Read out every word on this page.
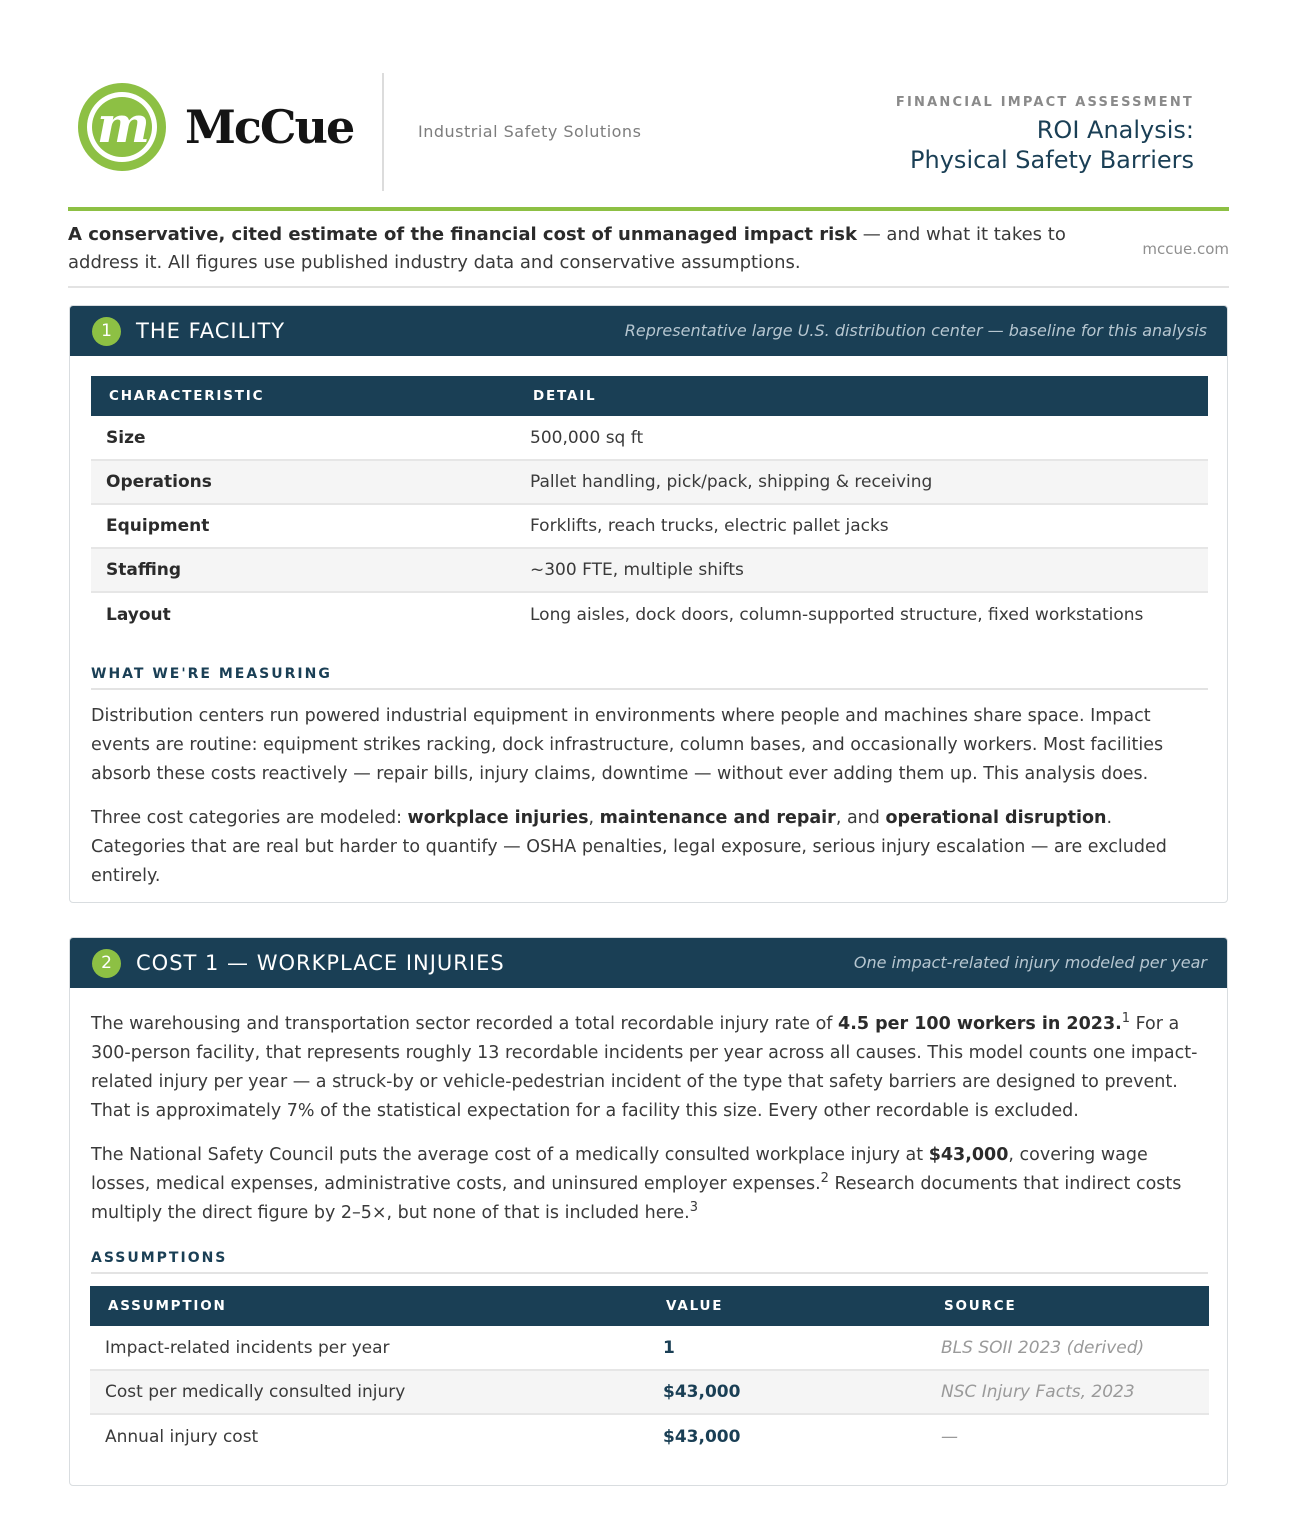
m McCue	Industrial Safety Solutions
FINANCIAL IMPACT ASSESSMENT
ROI Analysis:
Physical Safety Barriers

A conservative, cited estimate of the financial cost of unmanaged impact risk — and what it takes to address it. All figures use published industry data and conservative assumptions.

mccue.com
1	THE FACILITY	Representative large U.S. distribution center — baseline for this analysis
CHARACTERISTIC	DETAIL
Size	500,000 sq ft
Operations	Pallet handling, pick/pack, shipping & receiving
Equipment	Forklifts, reach trucks, electric pallet jacks
Staffing	~300 FTE, multiple shifts
Layout	Long aisles, dock doors, column-supported structure, fixed workstations
WHAT WE'RE MEASURING

Distribution centers run powered industrial equipment in environments where people and machines share space. Impact events are routine: equipment strikes racking, dock infrastructure, column bases, and occasionally workers. Most facilities absorb these costs reactively — repair bills, injury claims, downtime — without ever adding them up. This analysis does.

Three cost categories are modeled: workplace injuries, maintenance and repair, and operational disruption. Categories that are real but harder to quantify — OSHA penalties, legal exposure, serious injury escalation — are excluded entirely.

2	COST 1 — WORKPLACE INJURIES	One impact-related injury modeled per year

The warehousing and transportation sector recorded a total recordable injury rate of 4.5 per 100 workers in 2023.$^1$ For a 300-person facility, that represents roughly 13 recordable incidents per year across all causes. This model counts one impact-related injury per year — a struck-by or vehicle-pedestrian incident of the type that safety barriers are designed to prevent. That is approximately 7% of the statistical expectation for a facility this size. Every other recordable is excluded.

The National Safety Council puts the average cost of a medically consulted workplace injury at $43,000, covering wage losses, medical expenses, administrative costs, and uninsured employer expenses.$^2$ Research documents that indirect costs multiply the direct figure by 2–5×, but none of that is included here.$^3$

ASSUMPTIONS
ASSUMPTION	VALUE	SOURCE
Impact-related incidents per year	1	BLS SOII 2023 (derived)
Cost per medically consulted injury	$43,000	NSC Injury Facts, 2023
Annual injury cost	$43,000	—
